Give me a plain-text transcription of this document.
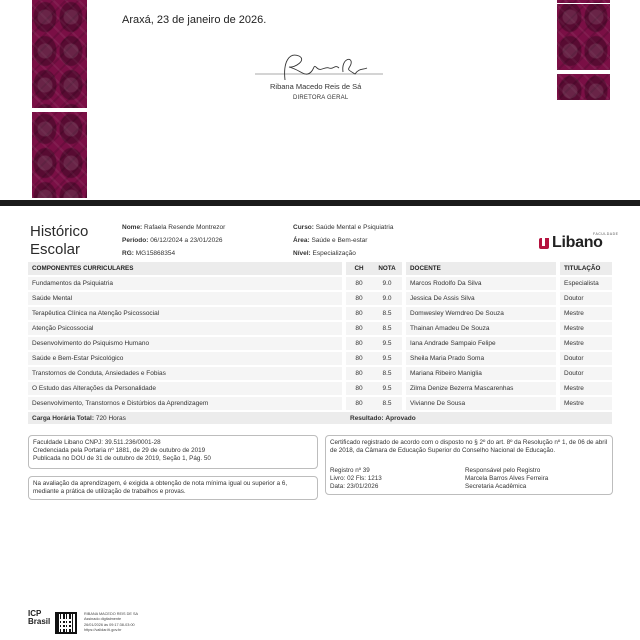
Araxá, 23 de janeiro de 2026.
Ribana Macedo Reis de Sá
DIRETORA GERAL
Histórico
Escolar
Nome: Rafaela Resende Montrezor
Período: 06/12/2024 a 23/01/2026
RG: MG15868354
Curso: Saúde Mental e Psiquiatria
Área: Saúde e Bem-estar
Nível: Especialização
FACULDADE
Libano
COMPONENTES CURRICULARES		CH	NOTA		DOCENTE		TITULAÇÃO
Fundamentos da Psiquiatria		80	9.0		Marcos Rodolfo Da Silva		Especialista
Saúde Mental		80	9.0		Jessica De Assis Silva		Doutor
Terapêutica Clínica na Atenção Psicossocial		80	8.5		Domwesley Wemdreo De Souza		Mestre
Atenção Psicossocial		80	8.5		Thainan Amadeu De Souza		Mestre
Desenvolvimento do Psiquismo Humano		80	9.5		Iana Andrade Sampaio Felipe		Mestre
Saúde e Bem-Estar Psicológico		80	9.5		Sheila Maria Prado Soma		Doutor
Transtornos de Conduta, Ansiedades e Fobias		80	8.5		Mariana Ribeiro Maniglia		Doutor
O Estudo das Alterações da Personalidade		80	9.5		Zilma Denize Bezerra Mascarenhas		Mestre
Desenvolvimento, Transtornos e Distúrbios da Aprendizagem		80	8.5		Vivianne De Sousa		Mestre
Carga Horária Total: 720 Horas		Resultado: Aprovado					
Faculdade Libano CNPJ: 39.511.236/0001-28
Credenciada pela Portaria nº 1881, de 29 de outubro de 2019
Publicada no DOU de 31 de outubro de 2019, Seção 1, Pág. 50
Na avaliação da aprendizagem, é exigida a obtenção de nota mínima igual ou superior a 6, mediante a prática de utilização de trabalhos e provas.
Certificado registrado de acordo com o disposto no § 2º do art. 8º da Resolução nº 1, de 06 de abril de 2018, da Câmara de Educação Superior do Conselho Nacional de Educação.
Registro nº 39
Livro: 02 Fls: 1213
Data: 23/01/2026
Responsável pelo Registro
Marcela Barros Alves Ferreira
Secretaria Acadêmica
ICP
Brasil
RIBANA MACEDO REIS DE SA
Assinado digitalmente
26/01/2026 às 09:17:38-03:00
https://validar.iti.gov.br
